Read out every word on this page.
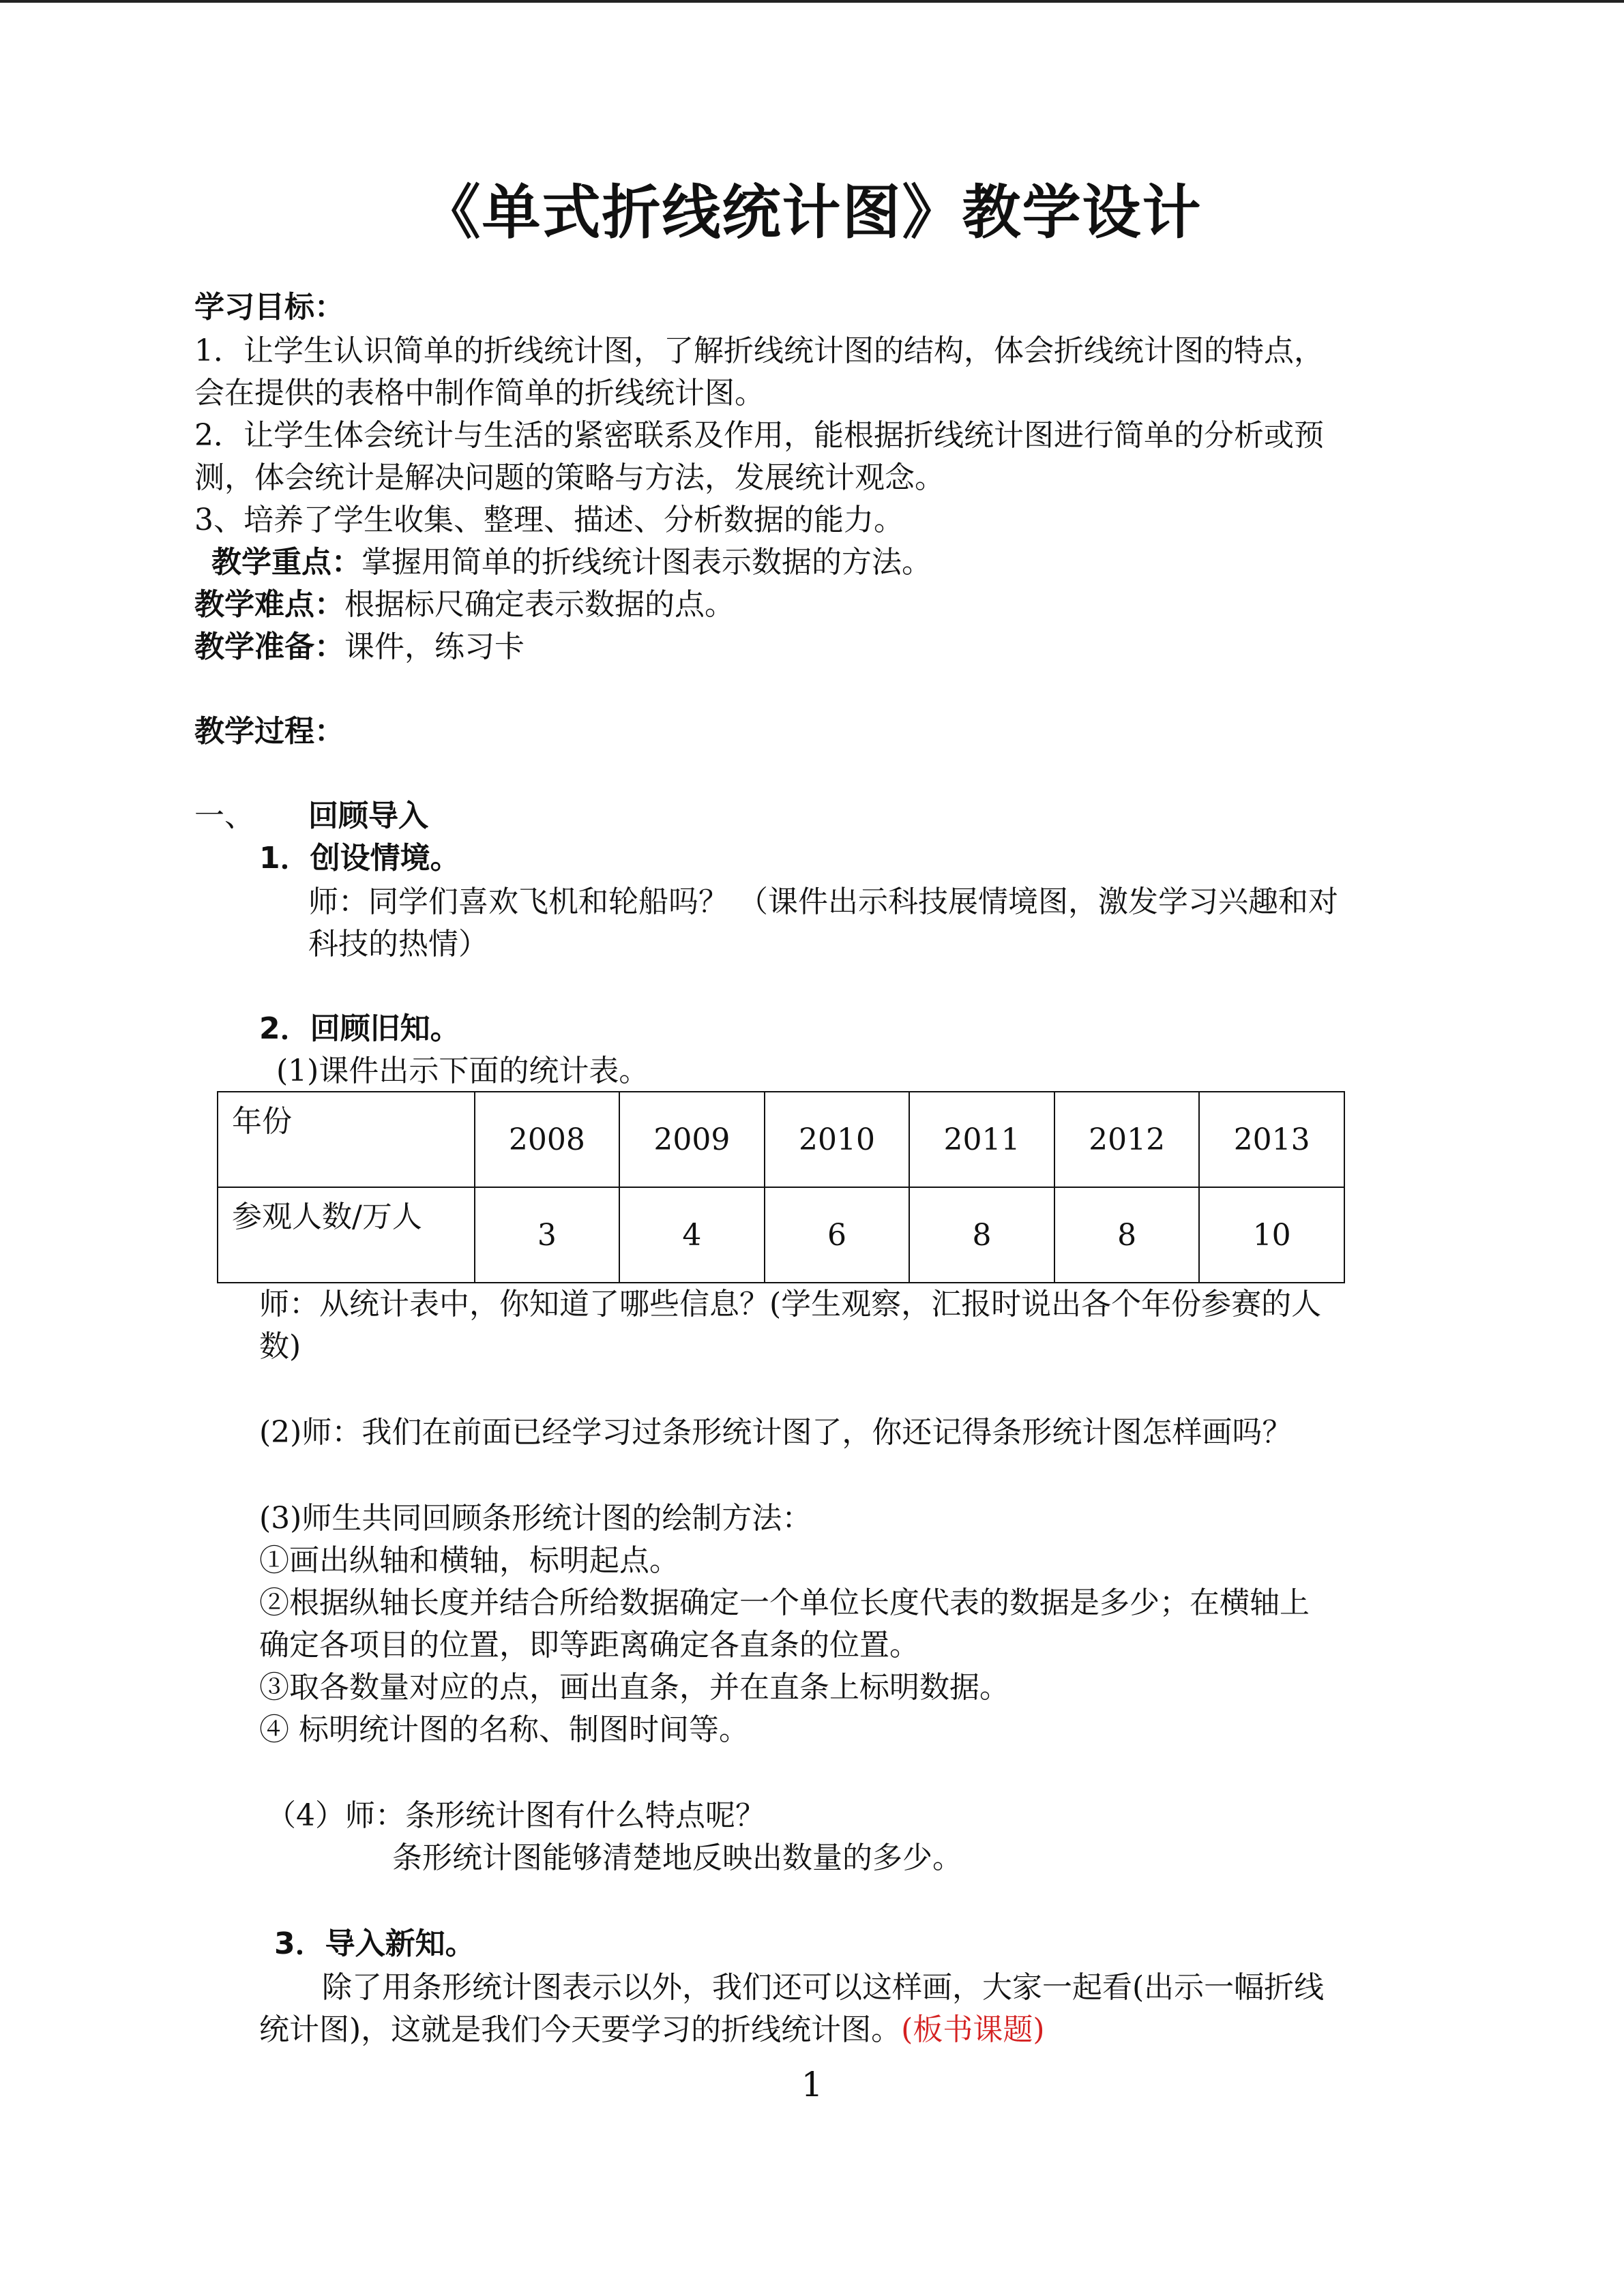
《单式折线统计图》教学设计
学习目标：
1．让学生认识简单的折线统计图，了解折线统计图的结构，体会折线统计图的特点，
会在提供的表格中制作简单的折线统计图。
2．让学生体会统计与生活的紧密联系及作用，能根据折线统计图进行简单的分析或预
测，体会统计是解决问题的策略与方法，发展统计观念。
3、培养了学生收集、整理、描述、分析数据的能力。
教学重点：掌握用简单的折线统计图表示数据的方法。
教学难点：根据标尺确定表示数据的点。
教学准备：课件，练习卡
教学过程：
一、 回顾导入
1．创设情境。
师：同学们喜欢飞机和轮船吗？ （课件出示科技展情境图，激发学习兴趣和对
科技的热情）
2．回顾旧知。
(1)课件出示下面的统计表。
年份	2008	2009	2010	2011	2012	2013
参观人数/万人	3	4	6	8	8	10
师：从统计表中，你知道了哪些信息？(学生观察，汇报时说出各个年份参赛的人
数)
(2)师：我们在前面已经学习过条形统计图了，你还记得条形统计图怎样画吗？
(3)师生共同回顾条形统计图的绘制方法：
①画出纵轴和横轴，标明起点。
②根据纵轴长度并结合所给数据确定一个单位长度代表的数据是多少；在横轴上
确定各项目的位置，即等距离确定各直条的位置。
③取各数量对应的点，画出直条，并在直条上标明数据。
④ 标明统计图的名称、制图时间等。
（4）师：条形统计图有什么特点呢？
条形统计图能够清楚地反映出数量的多少。
3．导入新知。
除了用条形统计图表示以外，我们还可以这样画，大家一起看(出示一幅折线
统计图)，这就是我们今天要学习的折线统计图。(板书课题)
1
